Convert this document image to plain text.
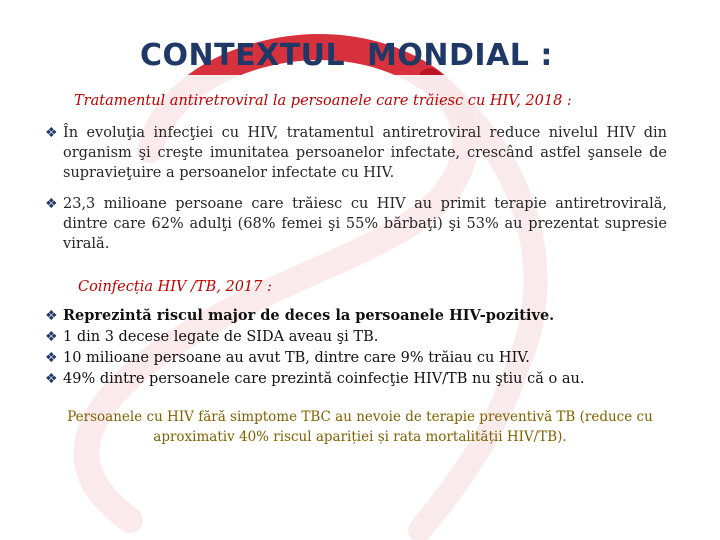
CONTEXTUL  MONDIAL :
Tratamentul antiretroviral la persoanele care trăiesc cu HIV, 2018 :
❖ În evoluţia infecţiei cu HIV, tratamentul antiretroviral reduce nivelul HIV din organism şi creşte imunitatea persoanelor infectate, crescând astfel şansele de supravieţuire a persoanelor infectate cu HIV.
❖ 23,3 milioane persoane care trăiesc cu HIV au primit terapie antiretrovirală, dintre care 62% adulţi (68% femei şi 55% bărbaţi) şi 53% au prezentat supresie virală.
Coinfecția HIV /TB, 2017 :
❖ Reprezintă riscul major de deces la persoanele HIV-pozitive.
❖ 1 din 3 decese legate de SIDA aveau şi TB.
❖ 10 milioane persoane au avut TB, dintre care 9% trăiau cu HIV.
❖ 49% dintre persoanele care prezintă coinfecţie HIV/TB nu ştiu că o au.
Persoanele cu HIV fără simptome TBC au nevoie de terapie preventivă TB (reduce cu aproximativ 40% riscul apariției și rata mortalității HIV/TB).
